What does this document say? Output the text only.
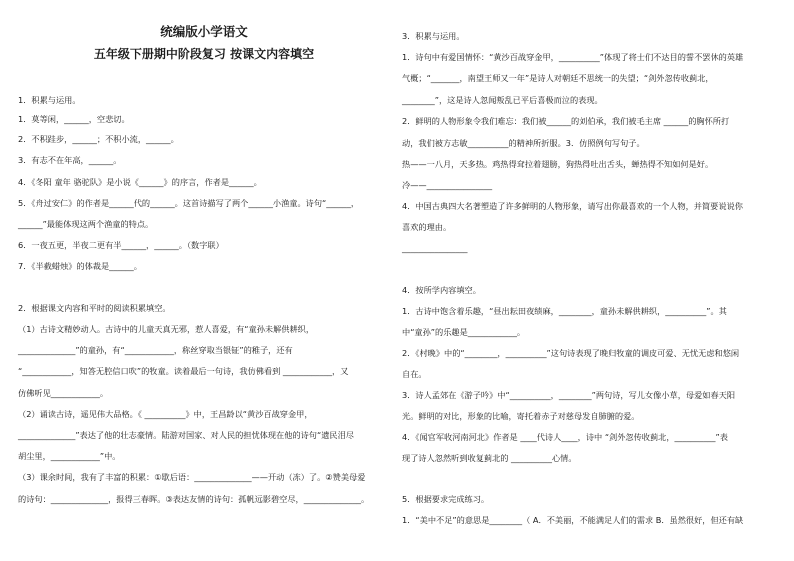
统编版小学语文
五年级下册期中阶段复习 按课文内容填空
1．积累与运用。
1．莫等闲，______，空悲切。
2．不积跬步，______；不积小流，______。
3．有志不在年高，______。
4．《冬阳 童年 骆驼队》是小说《______》的序言，作者是______。
5．《舟过安仁》的作者是______代的______。这首诗描写了两个______小渔童。诗句“______，
______”最能体现这两个渔童的特点。
6．一夜五更，半夜二更有半______，______。（数字联）
7．《半截蜡烛》的体裁是______。
2．根据课文内容和平时的阅读积累填空。
（1）古诗文精妙动人。古诗中的儿童天真无邪，惹人喜爱，有“童孙未解供耕织，
______________”的童孙，有“____________，称丝穿取当银钲”的稚子，还有
“____________，知答无腔信口吹”的牧童。读着最后一句诗，我仿佛看到 ____________，又
仿佛听见____________。
（2）诵读古诗，遥见伟大品格。《 __________》中，王昌龄以“黄沙百战穿金甲，
______________”表达了他的壮志豪情。陆游对国家、对人民的担忧体现在他的诗句“遗民泪尽
胡尘里，____________”中。
（3）课余时间，我有了丰富的积累：①歇后语：______________——开动（冻）了。②赞美母爱
的诗句：______________，报得三春晖。③表达友情的诗句：孤帆远影碧空尽，______________。
3．积累与运用。
1．诗句中有爱国情怀：“黄沙百战穿金甲，__________”体现了将士们不达目的誓不罢休的英雄
气概；“_______，南望王师又一年”是诗人对朝廷不思统一的失望；“剑外忽传收蓟北，
________”，这是诗人忽闻叛乱已平后喜极而泣的表现。
2．鲜明的人物形象令我们难忘：我们被______的刘伯承，我们被毛主席 ______的胸怀所打
动，我们被方志敏__________的精神所折服。3．仿照例句写句子。
热——一八月，天多热。鸡热得耷拉着翅膀，狗热得吐出舌头，蝉热得不知如何是好。
冷——________________
4．中国古典四大名著塑造了许多鲜明的人物形象，请写出你最喜欢的一个人物，并简要说说你
喜欢的理由。
________________
4．按所学内容填空。
1．古诗中饱含着乐趣，“昼出耘田夜绩麻，________，童孙未解供耕织，__________”。其
中“童孙”的乐趣是____________。
2．《村晚》中的“________，__________”这句诗表现了晚归牧童的调皮可爱、无忧无虑和悠闲
自在。
3．诗人孟郊在《游子吟》中“__________，________”两句诗，写儿女像小草，母爱如春天阳
光。鲜明的对比，形象的比喻，寄托着赤子对慈母发自肺腑的爱。
4．《闻官军收河南河北》作者是 ____代诗人____，诗中 “剑外忽传收蓟北，__________”表
现了诗人忽然听到收复蓟北的 __________心情。
5．根据要求完成练习。
1．“美中不足”的意思是________（ A．不美丽，不能满足人们的需求 B．虽然很好，但还有缺
